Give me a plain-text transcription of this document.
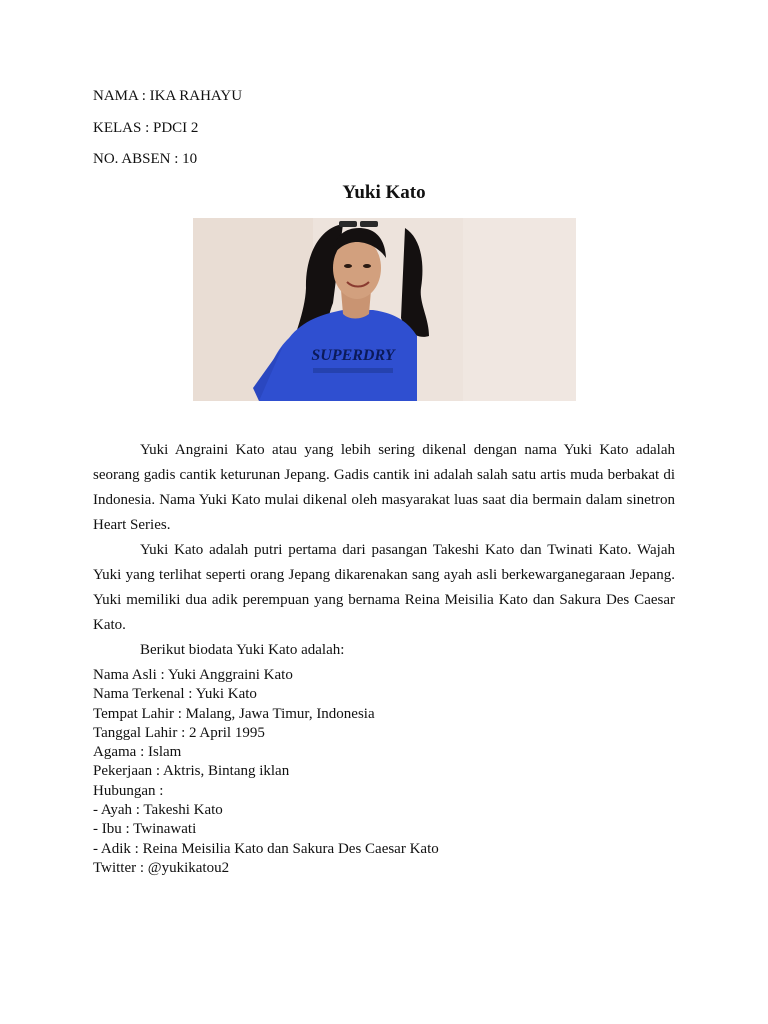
NAMA : IKA RAHAYU
KELAS : PDCI 2
NO. ABSEN : 10
Yuki Kato
SUPERDRY

Yuki Angraini Kato atau yang lebih sering dikenal dengan nama Yuki Kato adalah seorang gadis cantik keturunan Jepang. Gadis cantik ini adalah salah satu artis muda berbakat di Indonesia. Nama Yuki Kato mulai dikenal oleh masyarakat luas saat dia bermain dalam sinetron Heart Series.

Yuki Kato adalah putri pertama dari pasangan Takeshi Kato dan Twinati Kato. Wajah Yuki yang terlihat seperti orang Jepang dikarenakan sang ayah asli berkewarganegaraan Jepang. Yuki memiliki dua adik perempuan yang bernama Reina Meisilia Kato dan Sakura Des Caesar Kato.

Berikut biodata Yuki Kato adalah:

Nama Asli : Yuki Anggraini Kato
Nama Terkenal : Yuki Kato
Tempat Lahir : Malang, Jawa Timur, Indonesia
Tanggal Lahir : 2 April 1995
Agama : Islam
Pekerjaan : Aktris, Bintang iklan
Hubungan :
- Ayah : Takeshi Kato
- Ibu : Twinawati
- Adik : Reina Meisilia Kato dan Sakura Des Caesar Kato
Twitter : @yukikatou2
